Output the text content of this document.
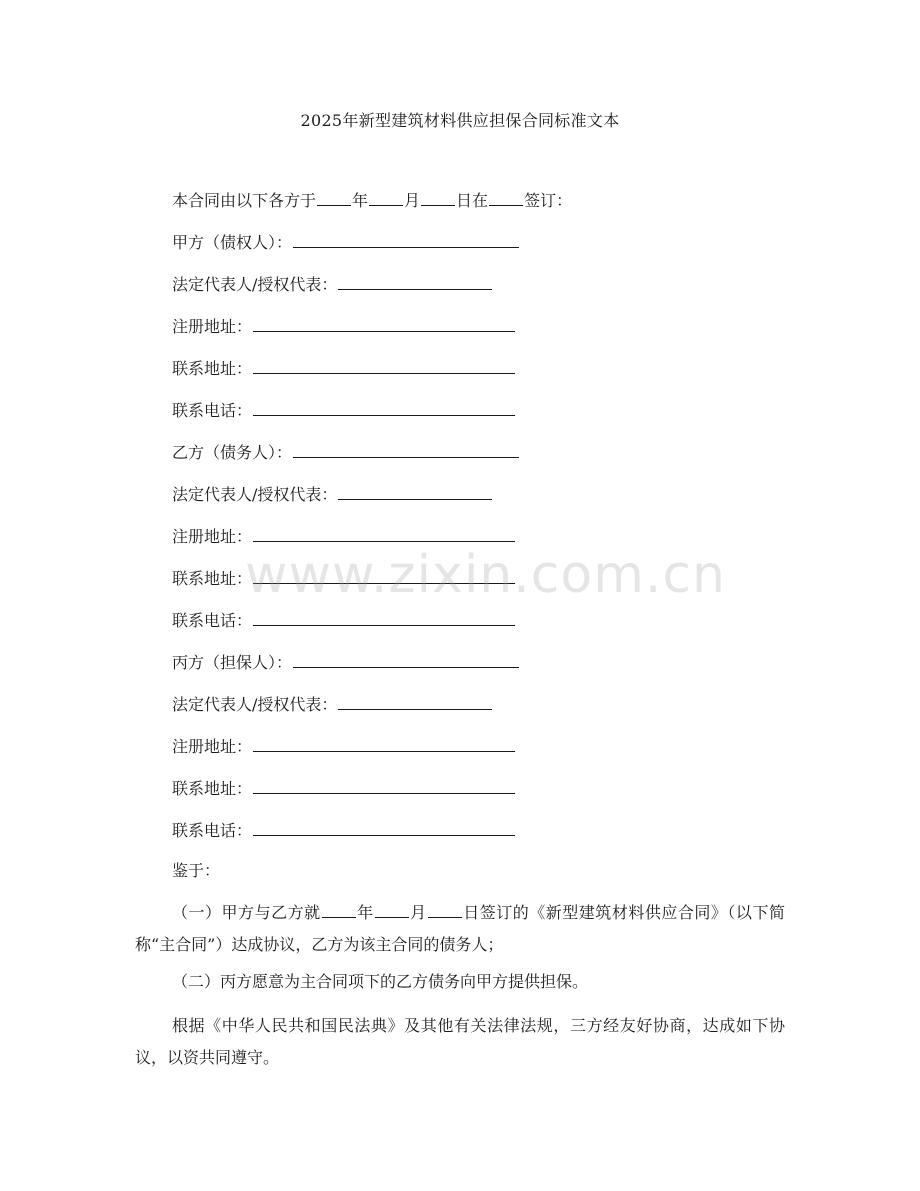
2025年新型建筑材料供应担保合同标准文本
本合同由以下各方于 年 月 日在 签订：
甲方（债权人）：
法定代表人/授权代表：
注册地址：
联系地址：
联系电话：
乙方（债务人）：
法定代表人/授权代表：
注册地址：
联系地址：
联系电话：
丙方（担保人）：
法定代表人/授权代表：
注册地址：
联系地址：
联系电话：
鉴于：
（一）甲方与乙方就 年 月 日签订的《新型建筑材料供应合同》（以下简称“主合同”）达成协议，乙方为该主合同的债务人；
（二）丙方愿意为主合同项下的乙方债务向甲方提供担保。
根据《中华人民共和国民法典》及其他有关法律法规，三方经友好协商，达成如下协议，以资共同遵守。
www.zixin.com.cn
